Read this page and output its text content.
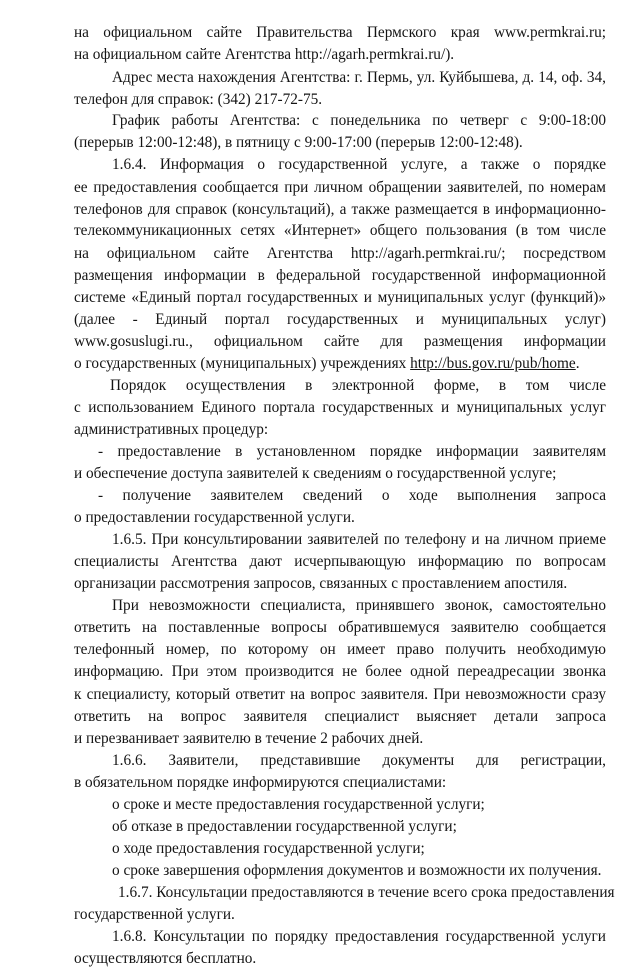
на официальном сайте Правительства Пермского края www.permkrai.ru;
на официальном сайте Агентства http://agarh.permkrai.ru/).
Адрес места нахождения Агентства: г. Пермь, ул. Куйбышева, д. 14, оф. 34,
телефон для справок: (342) 217-72-75.
График работы Агентства: с понедельника по четверг с 9:00-18:00
(перерыв 12:00-12:48), в пятницу с 9:00-17:00 (перерыв 12:00-12:48).
1.6.4. Информация о государственной услуге, а также о порядке
ее предоставления сообщается при личном обращении заявителей, по номерам
телефонов для справок (консультаций), а также размещается в информационно-
телекоммуникационных сетях «Интернет» общего пользования (в том числе
на официальном сайте Агентства http://agarh.permkrai.ru/; посредством
размещения информации в федеральной государственной информационной
системе «Единый портал государственных и муниципальных услуг (функций)»
(далее - Единый портал государственных и муниципальных услуг)
www.gosuslugi.ru., официальном сайте для размещения информации
о государственных (муниципальных) учреждениях http://bus.gov.ru/pub/home.
Порядок осуществления в электронной форме, в том числе
с использованием Единого портала государственных и муниципальных услуг
административных процедур:
- предоставление в установленном порядке информации заявителям
и обеспечение доступа заявителей к сведениям о государственной услуге;
- получение заявителем сведений о ходе выполнения запроса
о предоставлении государственной услуги.
1.6.5. При консультировании заявителей по телефону и на личном приеме
специалисты Агентства дают исчерпывающую информацию по вопросам
организации рассмотрения запросов, связанных с проставлением апостиля.
При невозможности специалиста, принявшего звонок, самостоятельно
ответить на поставленные вопросы обратившемуся заявителю сообщается
телефонный номер, по которому он имеет право получить необходимую
информацию. При этом производится не более одной переадресации звонка
к специалисту, который ответит на вопрос заявителя. При невозможности сразу
ответить на вопрос заявителя специалист выясняет детали запроса
и перезванивает заявителю в течение 2 рабочих дней.
1.6.6. Заявители, представившие документы для регистрации,
в обязательном порядке информируются специалистами:
о сроке и месте предоставления государственной услуги;
об отказе в предоставлении государственной услуги;
о ходе предоставления государственной услуги;
о сроке завершения оформления документов и возможности их получения.
1.6.7. Консультации предоставляются в течение всего срока предоставления
государственной услуги.
1.6.8. Консультации по порядку предоставления государственной услуги
осуществляются бесплатно.
